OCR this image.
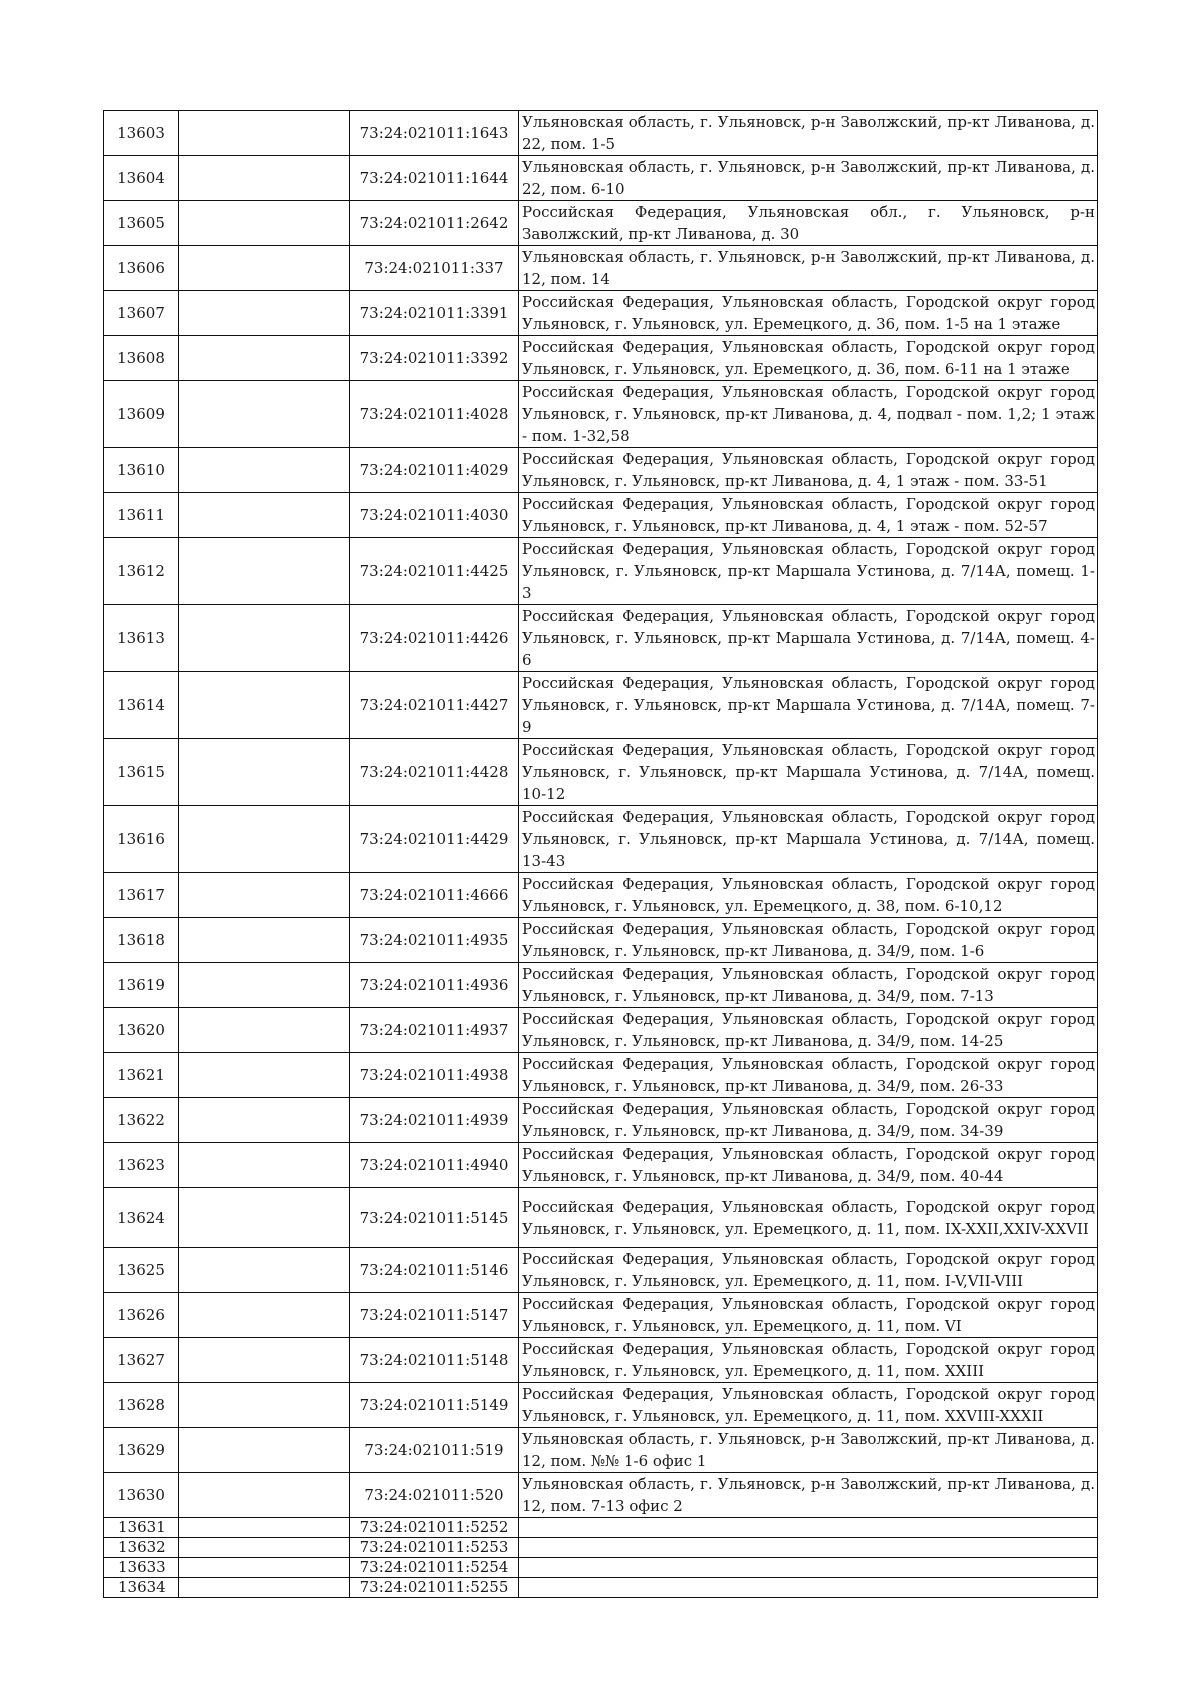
13603		73:24:021011:1643	Ульяновская область, г. Ульяновск, р-н Заволжский, пр-кт Ливанова, д. 22, пом. 1-5
13604		73:24:021011:1644	Ульяновская область, г. Ульяновск, р-н Заволжский, пр-кт Ливанова, д. 22, пом. 6-10
13605		73:24:021011:2642	Российская Федерация, Ульяновская обл., г. Ульяновск, р-н Заволжский, пр-кт Ливанова, д. 30
13606		73:24:021011:337	Ульяновская область, г. Ульяновск, р-н Заволжский, пр-кт Ливанова, д. 12, пом. 14
13607		73:24:021011:3391	Российская Федерация, Ульяновская область, Городской округ город Ульяновск, г. Ульяновск, ул. Еремецкого, д. 36, пом. 1-5 на 1 этаже
13608		73:24:021011:3392	Российская Федерация, Ульяновская область, Городской округ город Ульяновск, г. Ульяновск, ул. Еремецкого, д. 36, пом. 6-11 на 1 этаже
13609		73:24:021011:4028	Российская Федерация, Ульяновская область, Городской округ город Ульяновск, г. Ульяновск, пр-кт Ливанова, д. 4, подвал - пом. 1,2; 1 этаж - пом. 1-32,58
13610		73:24:021011:4029	Российская Федерация, Ульяновская область, Городской округ город Ульяновск, г. Ульяновск, пр-кт Ливанова, д. 4, 1 этаж - пом. 33-51
13611		73:24:021011:4030	Российская Федерация, Ульяновская область, Городской округ город Ульяновск, г. Ульяновск, пр-кт Ливанова, д. 4, 1 этаж - пом. 52-57
13612		73:24:021011:4425	Российская Федерация, Ульяновская область, Городской округ город Ульяновск, г. Ульяновск, пр-кт Маршала Устинова, д. 7/14А, помещ. 1-3
13613		73:24:021011:4426	Российская Федерация, Ульяновская область, Городской округ город Ульяновск, г. Ульяновск, пр-кт Маршала Устинова, д. 7/14А, помещ. 4-6
13614		73:24:021011:4427	Российская Федерация, Ульяновская область, Городской округ город Ульяновск, г. Ульяновск, пр-кт Маршала Устинова, д. 7/14А, помещ. 7-9
13615		73:24:021011:4428	Российская Федерация, Ульяновская область, Городской округ город Ульяновск, г. Ульяновск, пр-кт Маршала Устинова, д. 7/14А, помещ. 10-12
13616		73:24:021011:4429	Российская Федерация, Ульяновская область, Городской округ город Ульяновск, г. Ульяновск, пр-кт Маршала Устинова, д. 7/14А, помещ. 13-43
13617		73:24:021011:4666	Российская Федерация, Ульяновская область, Городской округ город Ульяновск, г. Ульяновск, ул. Еремецкого, д. 38, пом. 6-10,12
13618		73:24:021011:4935	Российская Федерация, Ульяновская область, Городской округ город Ульяновск, г. Ульяновск, пр-кт Ливанова, д. 34/9, пом. 1-6
13619		73:24:021011:4936	Российская Федерация, Ульяновская область, Городской округ город Ульяновск, г. Ульяновск, пр-кт Ливанова, д. 34/9, пом. 7-13
13620		73:24:021011:4937	Российская Федерация, Ульяновская область, Городской округ город Ульяновск, г. Ульяновск, пр-кт Ливанова, д. 34/9, пом. 14-25
13621		73:24:021011:4938	Российская Федерация, Ульяновская область, Городской округ город Ульяновск, г. Ульяновск, пр-кт Ливанова, д. 34/9, пом. 26-33
13622		73:24:021011:4939	Российская Федерация, Ульяновская область, Городской округ город Ульяновск, г. Ульяновск, пр-кт Ливанова, д. 34/9, пом. 34-39
13623		73:24:021011:4940	Российская Федерация, Ульяновская область, Городской округ город Ульяновск, г. Ульяновск, пр-кт Ливанова, д. 34/9, пом. 40-44
13624		73:24:021011:5145	Российская Федерация, Ульяновская область, Городской округ город Ульяновск, г. Ульяновск, ул. Еремецкого, д. 11, пом. IX-XXII,XXIV-XXVII
13625		73:24:021011:5146	Российская Федерация, Ульяновская область, Городской округ город Ульяновск, г. Ульяновск, ул. Еремецкого, д. 11, пом. I-V,VII-VIII
13626		73:24:021011:5147	Российская Федерация, Ульяновская область, Городской округ город Ульяновск, г. Ульяновск, ул. Еремецкого, д. 11, пом. VI
13627		73:24:021011:5148	Российская Федерация, Ульяновская область, Городской округ город Ульяновск, г. Ульяновск, ул. Еремецкого, д. 11, пом. XXIII
13628		73:24:021011:5149	Российская Федерация, Ульяновская область, Городской округ город Ульяновск, г. Ульяновск, ул. Еремецкого, д. 11, пом. XXVIII-XXXII
13629		73:24:021011:519	Ульяновская область, г. Ульяновск, р-н Заволжский, пр-кт Ливанова, д. 12, пом. №№ 1-6 офис 1
13630		73:24:021011:520	Ульяновская область, г. Ульяновск, р-н Заволжский, пр-кт Ливанова, д. 12, пом. 7-13 офис 2
13631		73:24:021011:5252	
13632		73:24:021011:5253	
13633		73:24:021011:5254	
13634		73:24:021011:5255	
